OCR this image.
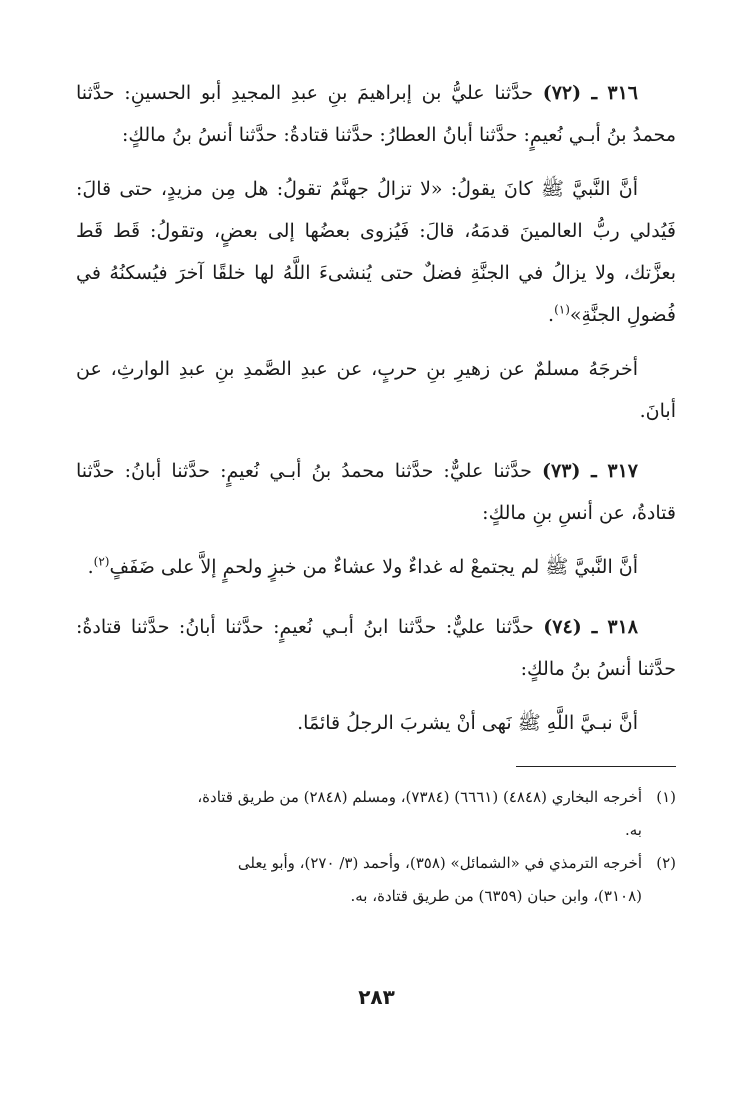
٣١٦ ـ (٧٢) حدَّثنا عليُّ بن إبراهيمَ بنِ عبدِ المجيدِ أبو الحسينِ: حدَّثنا محمدُ بنُ أبـي نُعيمٍ: حدَّثنا أبانُ العطارُ: حدَّثنا قتادةُ: حدَّثنا أنسُ بنُ مالكٍ:

أنَّ النَّبيَّ ﷺ كانَ يقولُ: «لا تزالُ جهنَّمُ تقولُ: هل مِن مزيدٍ، حتى قالَ: فَيُدلي ربُّ العالمينَ قدمَهُ، قالَ: فَيُزوى بعضُها إلى بعضٍ، وتقولُ: قَط قَط بعزَّتك، ولا يزالُ في الجنَّةِ فضلٌ حتى يُنشىءَ اللَّهُ لها خلقًا آخرَ فيُسكنُهُ في فُضولِ الجنَّةِ»$^{(١)}$.

أخرجَهُ مسلمٌ عن زهيرِ بنِ حربٍ، عن عبدِ الصَّمدِ بنِ عبدِ الوارثِ، عن أبانَ.

٣١٧ ـ (٧٣) حدَّثنا عليٌّ: حدَّثنا محمدُ بنُ أبـي نُعيمٍ: حدَّثنا أبانُ: حدَّثنا قتادةُ، عن أنسِ بنِ مالكٍ:

أنَّ النَّبيَّ ﷺ لم يجتمعْ له غداءٌ ولا عشاءٌ من خبزٍ ولحمٍ إلاَّ على ضَفَفٍ$^{(٢)}$.

٣١٨ ـ (٧٤) حدَّثنا عليٌّ: حدَّثنا ابنُ أبـي نُعيمٍ: حدَّثنا أبانُ: حدَّثنا قتادةُ: حدَّثنا أنسُ بنُ مالكٍ:

أنَّ نبـيَّ اللَّهِ ﷺ نَهى أنْ يشربَ الرجلُ قائمًا.

(١)أخرجه البخاري (٤٨٤٨) (٦٦٦١) (٧٣٨٤)، ومسلم (٢٨٤٨) من طريق قتادة،

به.

(٢)أخرجه الترمذي في «الشمائل» (٣٥٨)، وأحمد (٣/ ٢٧٠)، وأبو يعلى

(٣١٠٨)، وابن حبان (٦٣٥٩) من طريق قتادة، به.

٢٨٣
